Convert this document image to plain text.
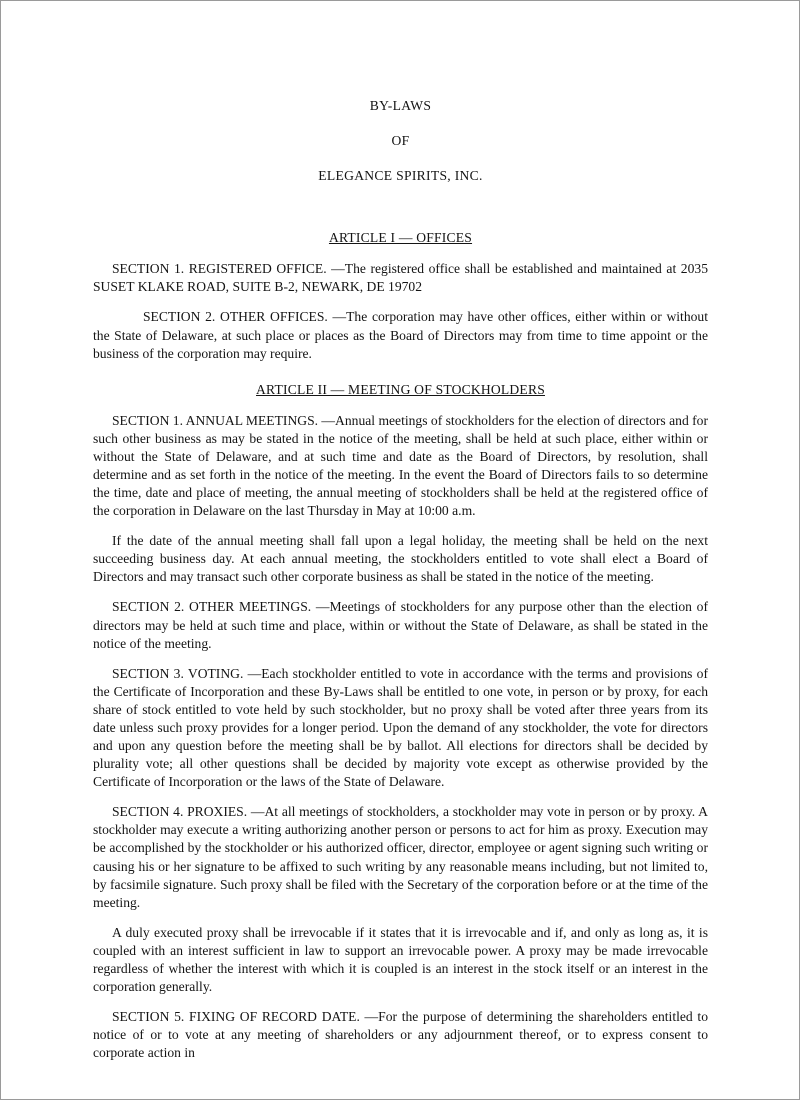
BY-LAWS
OF
ELEGANCE SPIRITS, INC.
ARTICLE I — OFFICES

SECTION 1. REGISTERED OFFICE. —The registered office shall be established and maintained at 2035 SUSET KLAKE ROAD, SUITE B-2, NEWARK, DE 19702

SECTION 2. OTHER OFFICES. —The corporation may have other offices, either within or without the State of Delaware, at such place or places as the Board of Directors may from time to time appoint or the business of the corporation may require.

ARTICLE II — MEETING OF STOCKHOLDERS

SECTION 1. ANNUAL MEETINGS. —Annual meetings of stockholders for the election of directors and for such other business as may be stated in the notice of the meeting, shall be held at such place, either within or without the State of Delaware, and at such time and date as the Board of Directors, by resolution, shall determine and as set forth in the notice of the meeting. In the event the Board of Directors fails to so determine the time, date and place of meeting, the annual meeting of stockholders shall be held at the registered office of the corporation in Delaware on the last Thursday in May at 10:00 a.m.

If the date of the annual meeting shall fall upon a legal holiday, the meeting shall be held on the next succeeding business day. At each annual meeting, the stockholders entitled to vote shall elect a Board of Directors and may transact such other corporate business as shall be stated in the notice of the meeting.

SECTION 2. OTHER MEETINGS. —Meetings of stockholders for any purpose other than the election of directors may be held at such time and place, within or without the State of Delaware, as shall be stated in the notice of the meeting.

SECTION 3. VOTING. —Each stockholder entitled to vote in accordance with the terms and provisions of the Certificate of Incorporation and these By-Laws shall be entitled to one vote, in person or by proxy, for each share of stock entitled to vote held by such stockholder, but no proxy shall be voted after three years from its date unless such proxy provides for a longer period. Upon the demand of any stockholder, the vote for directors and upon any question before the meeting shall be by ballot. All elections for directors shall be decided by plurality vote; all other questions shall be decided by majority vote except as otherwise provided by the Certificate of Incorporation or the laws of the State of Delaware.

SECTION 4. PROXIES. —At all meetings of stockholders, a stockholder may vote in person or by proxy. A stockholder may execute a writing authorizing another person or persons to act for him as proxy. Execution may be accomplished by the stockholder or his authorized officer, director, employee or agent signing such writing or causing his or her signature to be affixed to such writing by any reasonable means including, but not limited to, by facsimile signature. Such proxy shall be filed with the Secretary of the corporation before or at the time of the meeting.

A duly executed proxy shall be irrevocable if it states that it is irrevocable and if, and only as long as, it is coupled with an interest sufficient in law to support an irrevocable power. A proxy may be made irrevocable regardless of whether the interest with which it is coupled is an interest in the stock itself or an interest in the corporation generally.

SECTION 5. FIXING OF RECORD DATE. —For the purpose of determining the shareholders entitled to notice of or to vote at any meeting of shareholders or any adjournment thereof, or to express consent to corporate action in
